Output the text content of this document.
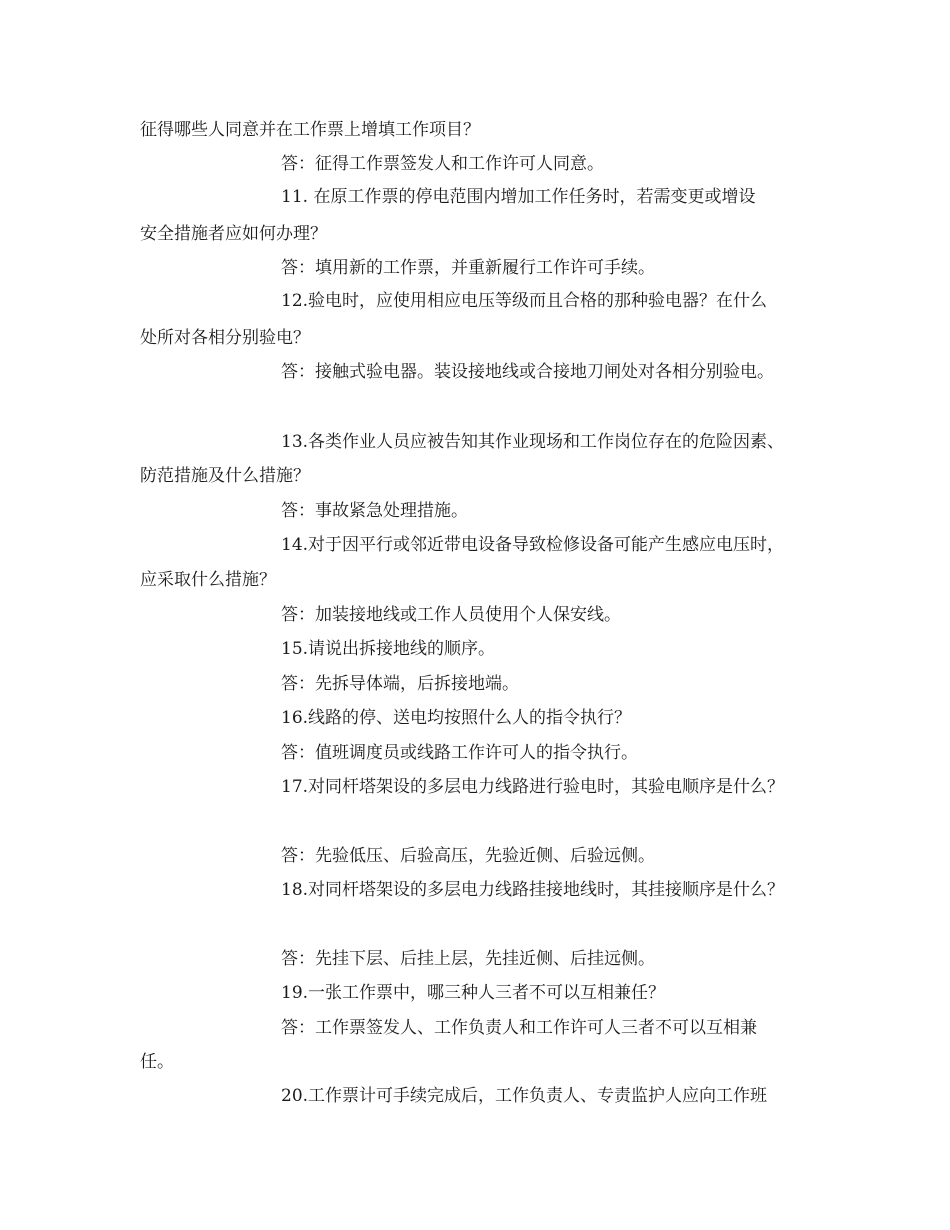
征得哪些人同意并在工作票上增填工作项目？
答：征得工作票签发人和工作许可人同意。
11. 在原工作票的停电范围内增加工作任务时，若需变更或增设
安全措施者应如何办理？
答：填用新的工作票，并重新履行工作许可手续。
12.验电时，应使用相应电压等级而且合格的那种验电器？在什么
处所对各相分别验电？
答：接触式验电器。装设接地线或合接地刀闸处对各相分别验电。
13.各类作业人员应被告知其作业现场和工作岗位存在的危险因素、
防范措施及什么措施？
答：事故紧急处理措施。
14.对于因平行或邻近带电设备导致检修设备可能产生感应电压时，
应采取什么措施？
答：加装接地线或工作人员使用个人保安线。
15.请说出拆接地线的顺序。
答：先拆导体端，后拆接地端。
16.线路的停、送电均按照什么人的指令执行？
答：值班调度员或线路工作许可人的指令执行。
17.对同杆塔架设的多层电力线路进行验电时，其验电顺序是什么？
答：先验低压、后验高压，先验近侧、后验远侧。
18.对同杆塔架设的多层电力线路挂接地线时，其挂接顺序是什么？
答：先挂下层、后挂上层，先挂近侧、后挂远侧。
19.一张工作票中，哪三种人三者不可以互相兼任？
答：工作票签发人、工作负责人和工作许可人三者不可以互相兼
任。
20.工作票计可手续完成后，工作负责人、专责监护人应向工作班
